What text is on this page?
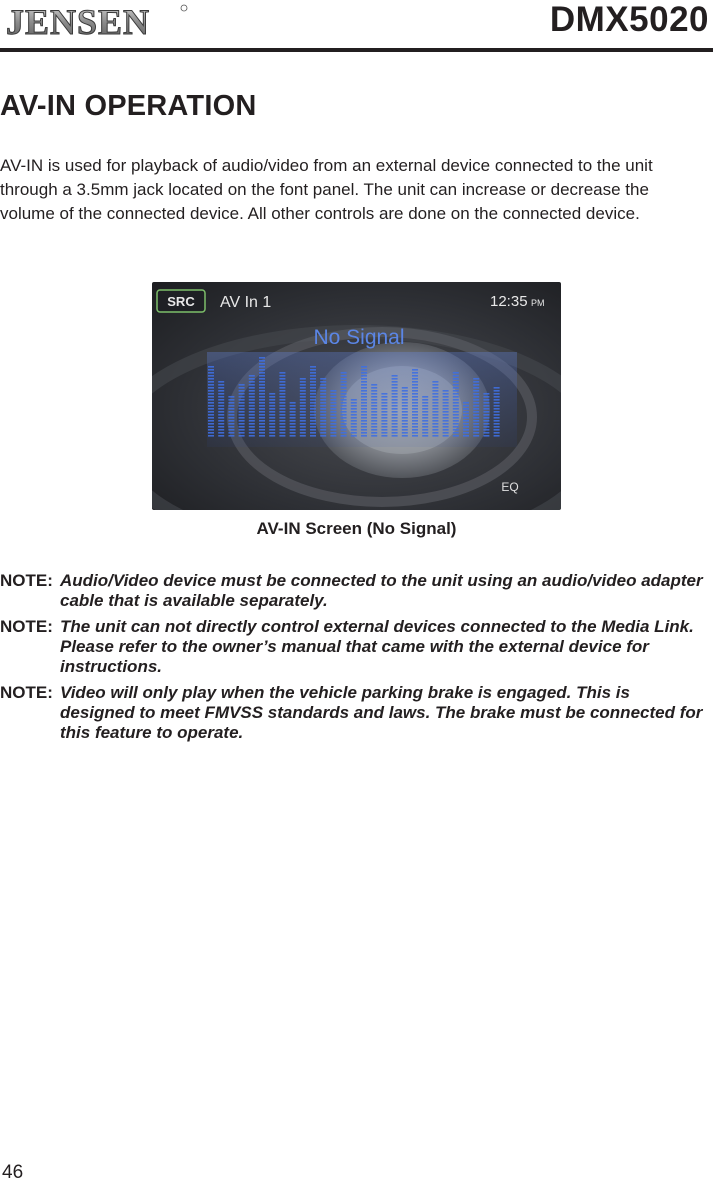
JENSEN	DMX5020
AV-IN OPERATION

AV-IN is used for playback of audio/video from an external device connected to the unit through a 3.5mm jack located on the font panel. The unit can increase or decrease the volume of the connected device. All other controls are done on the connected device.

SRC AV In 1	12:35 PM
No Signal
EQ
AV-IN Screen (No Signal)
NOTE: Audio/Video device must be connected to the unit using an audio/video adapter cable that is available separately.
NOTE: The unit can not directly control external devices connected to the Media Link. Please refer to the owner’s manual that came with the external device for instructions.
NOTE: Video will only play when the vehicle parking brake is engaged. This is designed to meet FMVSS standards and laws. The brake must be connected for this feature to operate.
46
